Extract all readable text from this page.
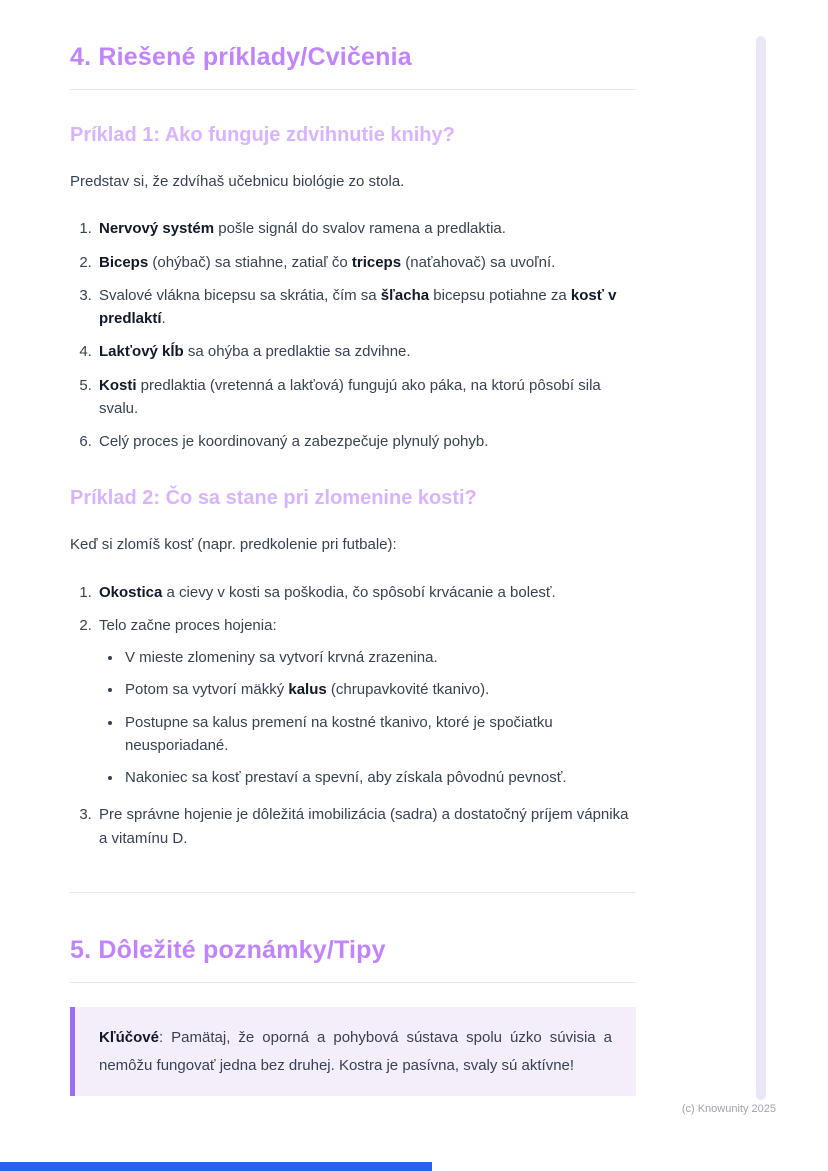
4. Riešené príklady/Cvičenia
Príklad 1: Ako funguje zdvihnutie knihy?

Predstav si, že zdvíhaš učebnicu biológie zo stola.

1. Nervový systém pošle signál do svalov ramena a predlaktia.
2. Biceps (ohýbač) sa stiahne, zatiaľ čo triceps (naťahovač) sa uvoľní.
3. Svalové vlákna bicepsu sa skrátia, čím sa šľacha bicepsu potiahne za kosť v predlaktí.
4. Lakťový kĺb sa ohýba a predlaktie sa zdvihne.
5. Kosti predlaktia (vretenná a lakťová) fungujú ako páka, na ktorú pôsobí sila svalu.
6. Celý proces je koordinovaný a zabezpečuje plynulý pohyb.
Príklad 2: Čo sa stane pri zlomenine kosti?

Keď si zlomíš kosť (napr. predkolenie pri futbale):

1. Okostica a cievy v kosti sa poškodia, čo spôsobí krvácanie a bolesť.
2. Telo začne proces hojenia:
• V mieste zlomeniny sa vytvorí krvná zrazenina.
• Potom sa vytvorí mäkký kalus (chrupavkovité tkanivo).
• Postupne sa kalus premení na kostné tkanivo, ktoré je spočiatku neusporiadané.
• Nakoniec sa kosť prestaví a spevní, aby získala pôvodnú pevnosť.
3. Pre správne hojenie je dôležitá imobilizácia (sadra) a dostatočný príjem vápnika a vitamínu D.
5. Dôležité poznámky/Tipy
Kľúčové: Pamätaj, že oporná a pohybová sústava spolu úzko súvisia a nemôžu fungovať jedna bez druhej. Kostra je pasívna, svaly sú aktívne!
(c) Knowunity 2025
